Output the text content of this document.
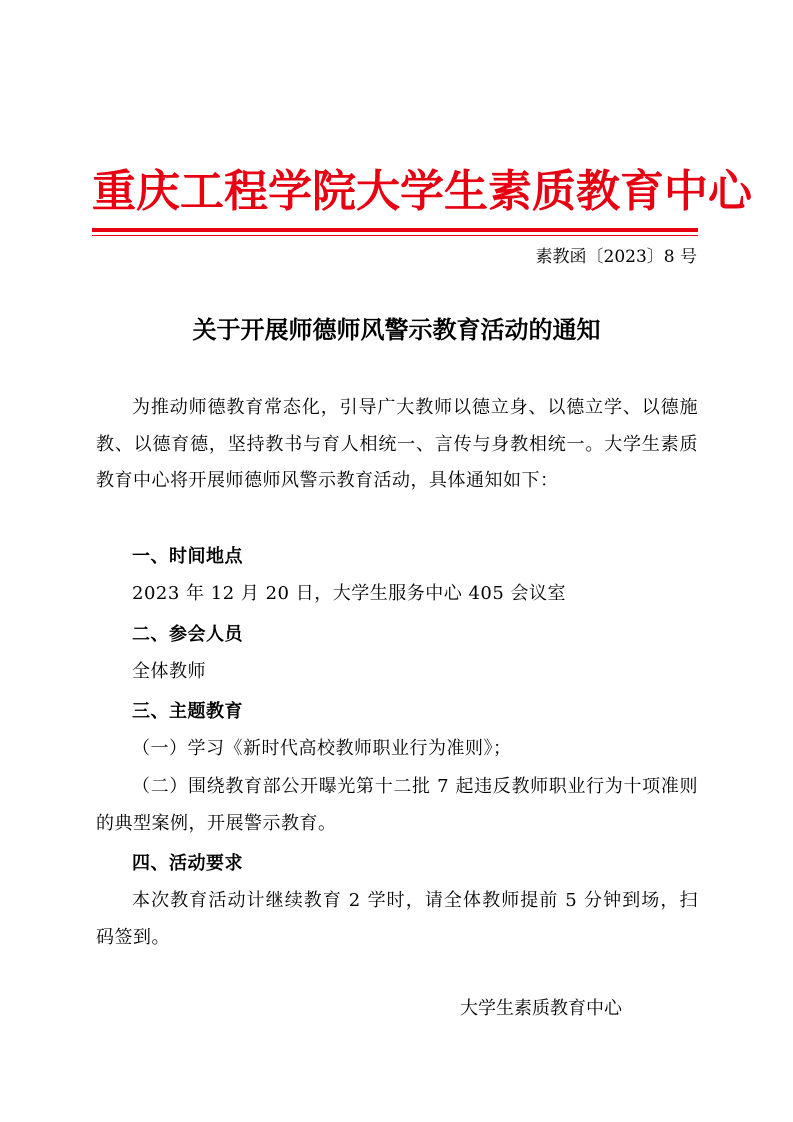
重庆工程学院大学生素质教育中心
素教函〔2023〕8 号
关于开展师德师风警示教育活动的通知
为推动师德教育常态化，引导广大教师以德立身、以德立学、以德施教、以德育德，坚持教书与育人相统一、言传与身教相统一。大学生素质教育中心将开展师德师风警示教育活动，具体通知如下：
一、时间地点
2023 年 12 月 20 日，大学生服务中心 405 会议室
二、参会人员
全体教师
三、主题教育
（一）学习《新时代高校教师职业行为准则》；
（二）围绕教育部公开曝光第十二批 7 起违反教师职业行为十项准则的典型案例，开展警示教育。
四、活动要求
本次教育活动计继续教育 2 学时，请全体教师提前 5 分钟到场，扫码签到。
大学生素质教育中心
